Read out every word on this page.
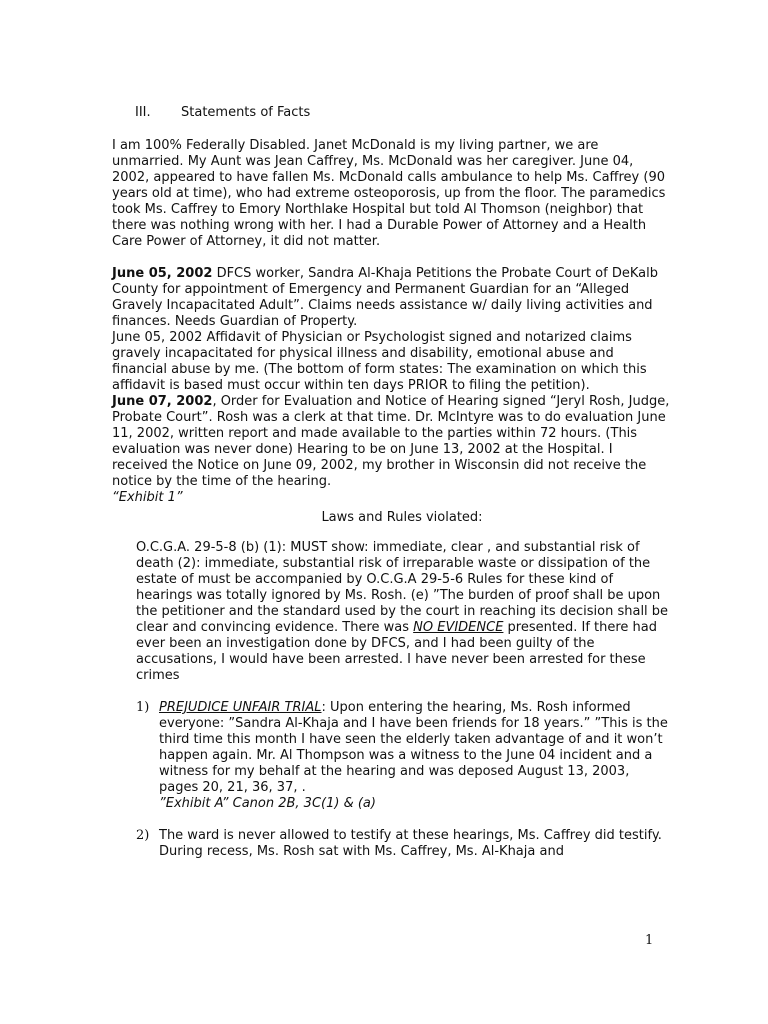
III. Statements of Facts

I am 100% Federally Disabled. Janet McDonald is my living partner, we are unmarried. My Aunt was Jean Caffrey, Ms. McDonald was her caregiver. June 04, 2002, appeared to have fallen Ms. McDonald calls ambulance to help Ms. Caffrey (90 years old at time), who had extreme osteoporosis, up from the floor. The paramedics took Ms. Caffrey to Emory Northlake Hospital but told Al Thomson (neighbor) that there was nothing wrong with her. I had a Durable Power of Attorney and a Health Care Power of Attorney, it did not matter.

June 05, 2002 DFCS worker, Sandra Al-Khaja Petitions the Probate Court of DeKalb County for appointment of Emergency and Permanent Guardian for an “Alleged Gravely Incapacitated Adult”. Claims needs assistance w/ daily living activities and finances. Needs Guardian of Property.

June 05, 2002 Affidavit of Physician or Psychologist signed and notarized claims gravely incapacitated for physical illness and disability, emotional abuse and financial abuse by me. (The bottom of form states: The examination on which this affidavit is based must occur within ten days PRIOR to filing the petition).

June 07, 2002, Order for Evaluation and Notice of Hearing signed “Jeryl Rosh, Judge, Probate Court”. Rosh was a clerk at that time. Dr. McIntyre was to do evaluation June 11, 2002, written report and made available to the parties within 72 hours. (This evaluation was never done) Hearing to be on June 13, 2002 at the Hospital. I received the Notice on June 09, 2002, my brother in Wisconsin did not receive the notice by the time of the hearing.
“Exhibit 1”

Laws and Rules violated:

O.C.G.A. 29-5-8 (b) (1): MUST show: immediate, clear , and substantial risk of death (2): immediate, substantial risk of irreparable waste or dissipation of the estate of must be accompanied by O.C.G.A 29-5-6 Rules for these kind of hearings was totally ignored by Ms. Rosh. (e) ”The burden of proof shall be upon the petitioner and the standard used by the court in reaching its decision shall be clear and convincing evidence. There was NO EVIDENCE presented. If there had ever been an investigation done by DFCS, and I had been guilty of the accusations, I would have been arrested. I have never been arrested for these crimes

1) PREJUDICE UNFAIR TRIAL: Upon entering the hearing, Ms. Rosh informed everyone: ”Sandra Al-Khaja and I have been friends for 18 years.” ”This is the third time this month I have seen the elderly taken advantage of and it won’t happen again. Mr. Al Thompson was a witness to the June 04 incident and a witness for my behalf at the hearing and was deposed August 13, 2003, pages 20, 21, 36, 37, .
”Exhibit A” Canon 2B, 3C(1) & (a)

2) The ward is never allowed to testify at these hearings, Ms. Caffrey did testify. During recess, Ms. Rosh sat with Ms. Caffrey, Ms. Al-Khaja and

1
